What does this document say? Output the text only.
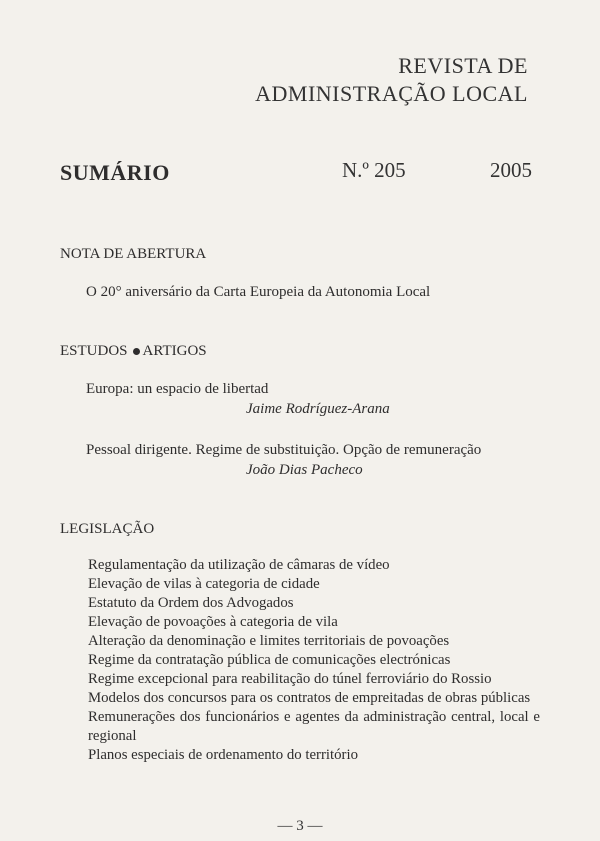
REVISTA DE
ADMINISTRAÇÃO LOCAL
SUMÁRIO	N.º 205	2005
NOTA DE ABERTURA
O 20° aniversário da Carta Europeia da Autonomia Local
ESTUDOS ARTIGOS
Europa: un espacio de libertad
Jaime Rodríguez-Arana
Pessoal dirigente. Regime de substituição. Opção de remuneração
João Dias Pacheco
LEGISLAÇÃO
Regulamentação da utilização de câmaras de vídeo
Elevação de vilas à categoria de cidade
Estatuto da Ordem dos Advogados
Elevação de povoações à categoria de vila
Alteração da denominação e limites territoriais de povoações
Regime da contratação pública de comunicações electrónicas
Regime excepcional para reabilitação do túnel ferroviário do Rossio
Modelos dos concursos para os contratos de empreitadas de obras públicas
Remunerações dos funcionários e agentes da administração central, local e regional
Planos especiais de ordenamento do território
— 3 —
